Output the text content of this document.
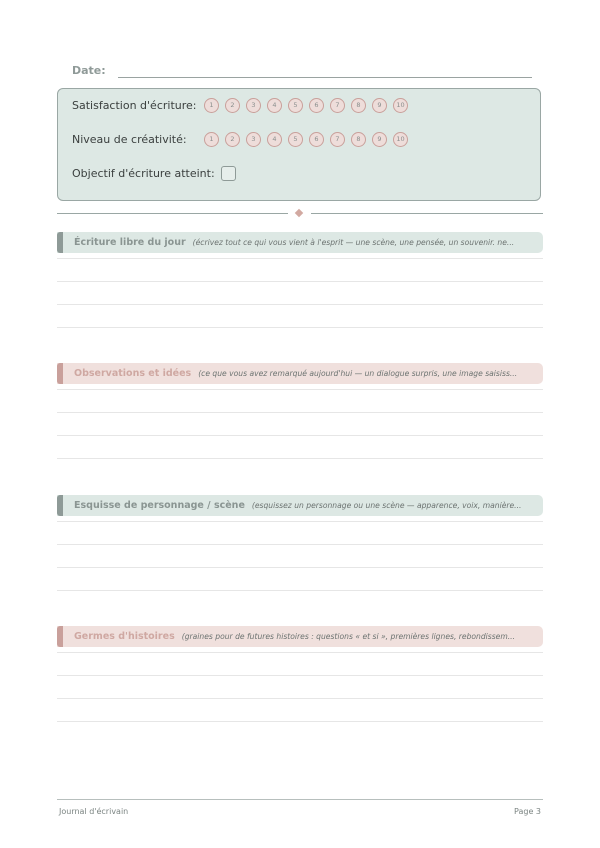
Date:
Satisfaction d'écriture:	1	2	3	4	5	6	7	8	9	10
Niveau de créativité:	1	2	3	4	5	6	7	8	9	10
Objectif d'écriture atteint:
Écriture libre du jour (écrivez tout ce qui vous vient à l'esprit — une scène, une pensée, un souvenir. ne...
Observations et idées (ce que vous avez remarqué aujourd'hui — un dialogue surpris, une image saisiss...
Esquisse de personnage / scène (esquissez un personnage ou une scène — apparence, voix, manière...
Germes d'histoires (graines pour de futures histoires : questions « et si », premières lignes, rebondissem...
Journal d'écrivain	Page 3
